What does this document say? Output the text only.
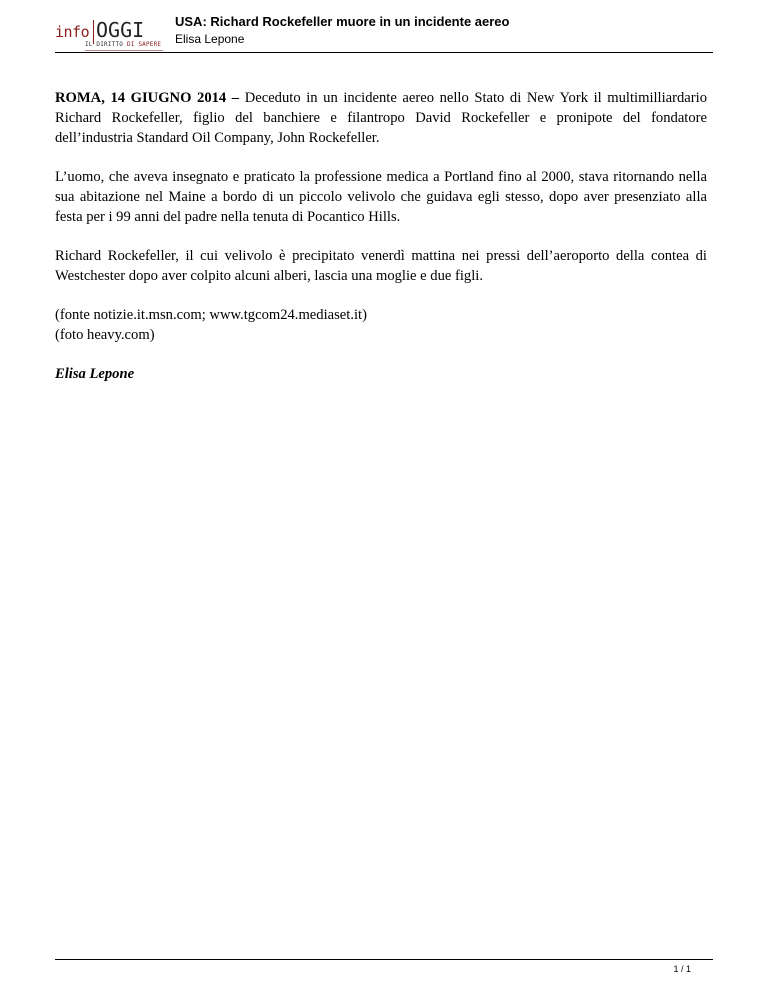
info OGGI
IL DIRITTO DI SAPERE
USA: Richard Rockefeller muore in un incidente aereo
Elisa Lepone

ROMA, 14 GIUGNO 2014 – Deceduto in un incidente aereo nello Stato di New York il multimilliardario Richard Rockefeller, figlio del banchiere e filantropo David Rockefeller e pronipote del fondatore dell’industria Standard Oil Company, John Rockefeller.

L’uomo, che aveva insegnato e praticato la professione medica a Portland fino al 2000, stava ritornando nella sua abitazione nel Maine a bordo di un piccolo velivolo che guidava egli stesso, dopo aver presenziato alla festa per i 99 anni del padre nella tenuta di Pocantico Hills.

Richard Rockefeller, il cui velivolo è precipitato venerdì mattina nei pressi dell’aeroporto della contea di Westchester dopo aver colpito alcuni alberi, lascia una moglie e due figli.

(fonte notizie.it.msn.com; www.tgcom24.mediaset.it)

(foto heavy.com)

Elisa Lepone

1 / 1
